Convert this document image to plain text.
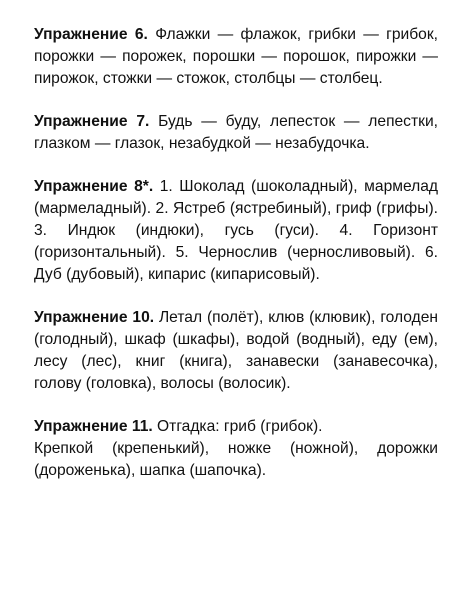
Упражнение 6. Флажки — флажок, грибки — грибок, порожки — порожек, порошки — порошок, пирожки — пирожок, стожки — стожок, столбцы — столбец.

Упражнение 7. Будь — буду, лепесток — лепестки, глазком — глазок, незабудкой — незабудочка.

Упражнение 8*. 1. Шоколад (шоколадный), мармелад (мармеладный). 2. Ястреб (ястребиный), гриф (грифы). 3. Индюк (индюки), гусь (гуси). 4. Горизонт (горизонтальный). 5. Чернослив (черносливовый). 6. Дуб (дубовый), кипарис (кипарисовый).

Упражнение 10. Летал (полёт), клюв (клювик), голоден (голодный), шкаф (шкафы), водой (водный), еду (ем), лесу (лес), книг (книга), занавески (занавесочка), голову (головка), волосы (волосик).

Упражнение 11. Отгадка: гриб (грибок).
Крепкой (крепенький), ножке (ножной), дорожки (дороженька), шапка (шапочка).
